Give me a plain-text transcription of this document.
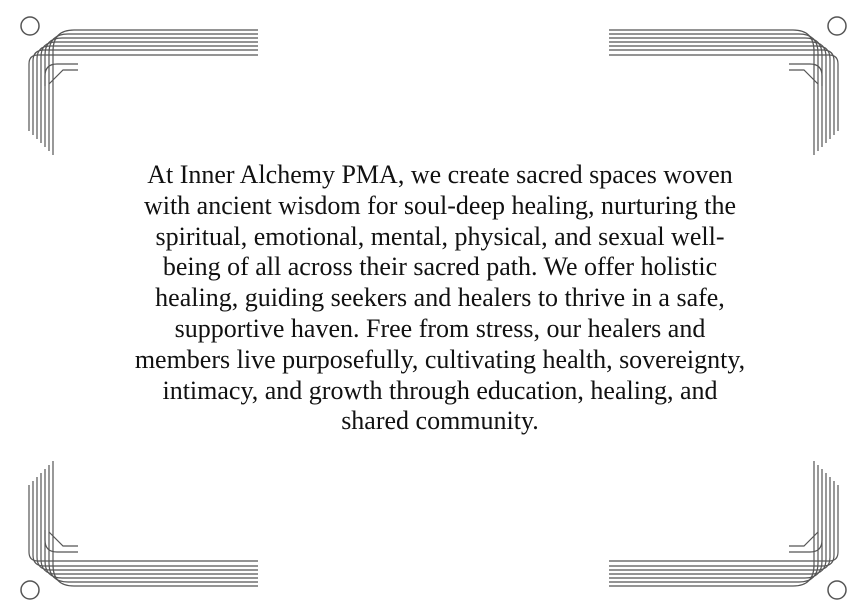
At Inner Alchemy PMA, we create sacred spaces woven
with ancient wisdom for soul-deep healing, nurturing the
spiritual, emotional, mental, physical, and sexual well-
being of all across their sacred path. We offer holistic
healing, guiding seekers and healers to thrive in a safe,
supportive haven. Free from stress, our healers and
members live purposefully, cultivating health, sovereignty,
intimacy, and growth through education, healing, and
shared community.
